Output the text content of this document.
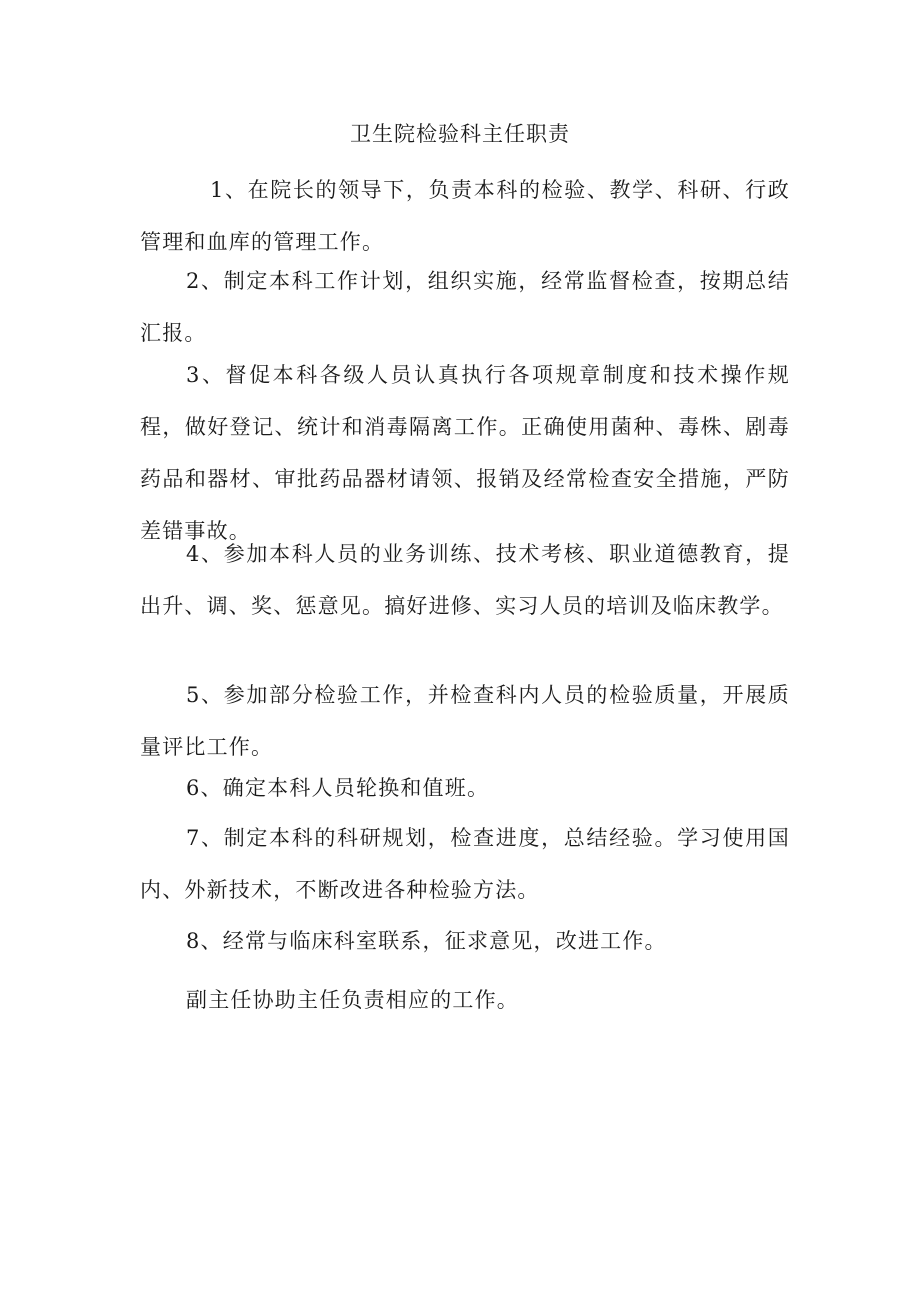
卫生院检验科主任职责
1、在院长的领导下，负责本科的检验、教学、科研、行政管理和血库的管理工作。
2、制定本科工作计划，组织实施，经常监督检查，按期总结汇报。
3、督促本科各级人员认真执行各项规章制度和技术操作规程，做好登记、统计和消毒隔离工作。正确使用菌种、毒株、剧毒药品和器材、审批药品器材请领、报销及经常检查安全措施，严防差错事故。
4、参加本科人员的业务训练、技术考核、职业道德教育，提出升、调、奖、惩意见。搞好进修、实习人员的培训及临床教学。
5、参加部分检验工作，并检查科内人员的检验质量，开展质量评比工作。
6、确定本科人员轮换和值班。
7、制定本科的科研规划，检查进度，总结经验。学习使用国内、外新技术，不断改进各种检验方法。
8、经常与临床科室联系，征求意见，改进工作。
副主任协助主任负责相应的工作。
